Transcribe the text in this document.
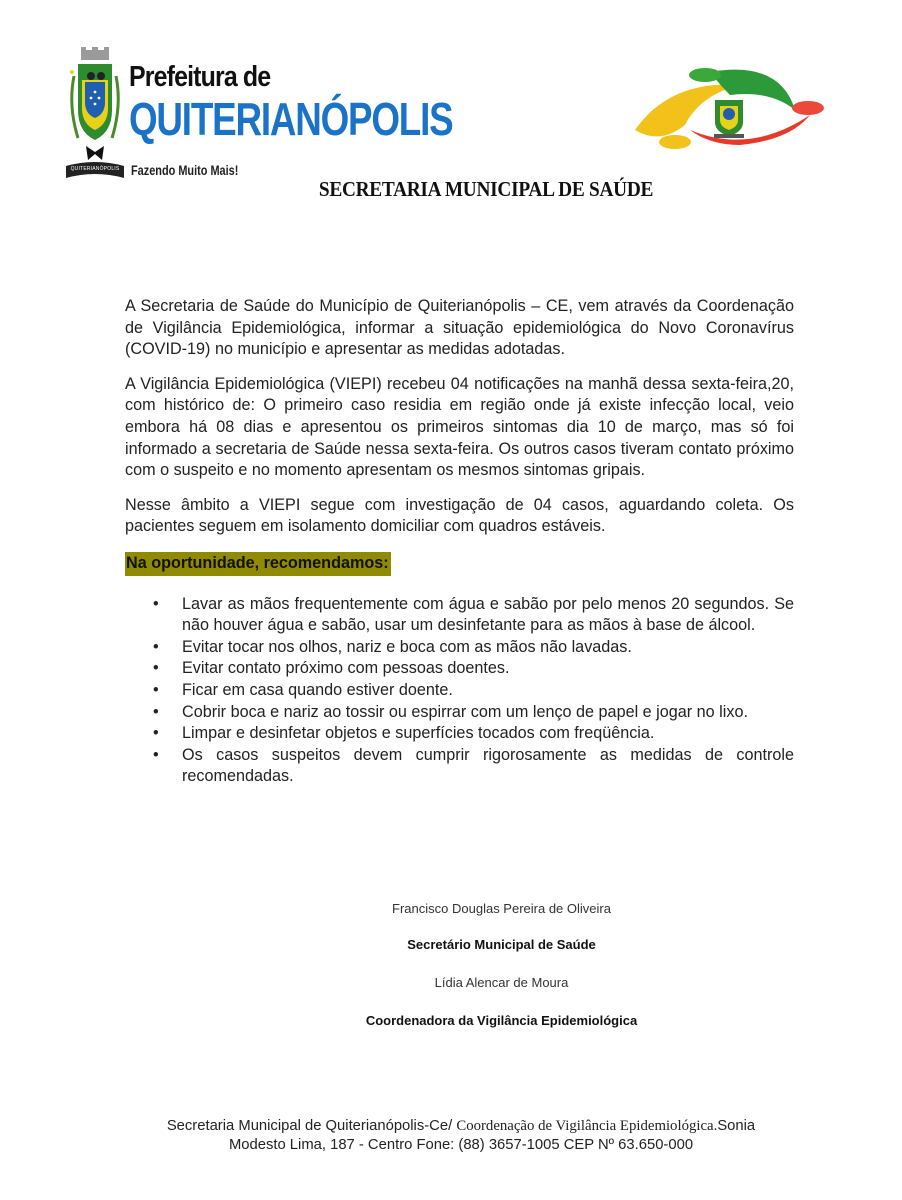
QUITERIANÓPOLIS
Prefeitura de
QUITERIANÓPOLIS
Fazendo Muito Mais!
SECRETARIA MUNICIPAL DE SAÚDE

A Secretaria de Saúde do Município de Quiterianópolis – CE, vem através da Coordenação de Vigilância Epidemiológica, informar a situação epidemiológica do Novo Coronavírus (COVID-19) no município e apresentar as medidas adotadas.

A Vigilância Epidemiológica (VIEPI) recebeu 04 notificações na manhã dessa sexta-feira,20, com histórico de: O primeiro caso residia em região onde já existe infecção local, veio embora há 08 dias e apresentou os primeiros sintomas dia 10 de março, mas só foi informado a secretaria de Saúde nessa sexta-feira. Os outros casos tiveram contato próximo com o suspeito e no momento apresentam os mesmos sintomas gripais.

Nesse âmbito a VIEPI segue com investigação de 04 casos, aguardando coleta. Os pacientes seguem em isolamento domiciliar com quadros estáveis.

Na oportunidade, recomendamos:
• Lavar as mãos frequentemente com água e sabão por pelo menos 20 segundos. Se não houver água e sabão, usar um desinfetante para as mãos à base de álcool.
• Evitar tocar nos olhos, nariz e boca com as mãos não lavadas.
• Evitar contato próximo com pessoas doentes.
• Ficar em casa quando estiver doente.
• Cobrir boca e nariz ao tossir ou espirrar com um lenço de papel e jogar no lixo.
• Limpar e desinfetar objetos e superfícies tocados com freqüência.
• Os casos suspeitos devem cumprir rigorosamente as medidas de controle recomendadas.
Francisco Douglas Pereira de Oliveira
Secretário Municipal de Saúde
Lídia Alencar de Moura
Coordenadora da Vigilância Epidemiológica
Secretaria Municipal de Quiterianópolis-Ce/ Coordenação de Vigilância Epidemiológica.Sonia
Modesto Lima, 187 - Centro Fone: (88) 3657-1005 CEP Nº 63.650-000
